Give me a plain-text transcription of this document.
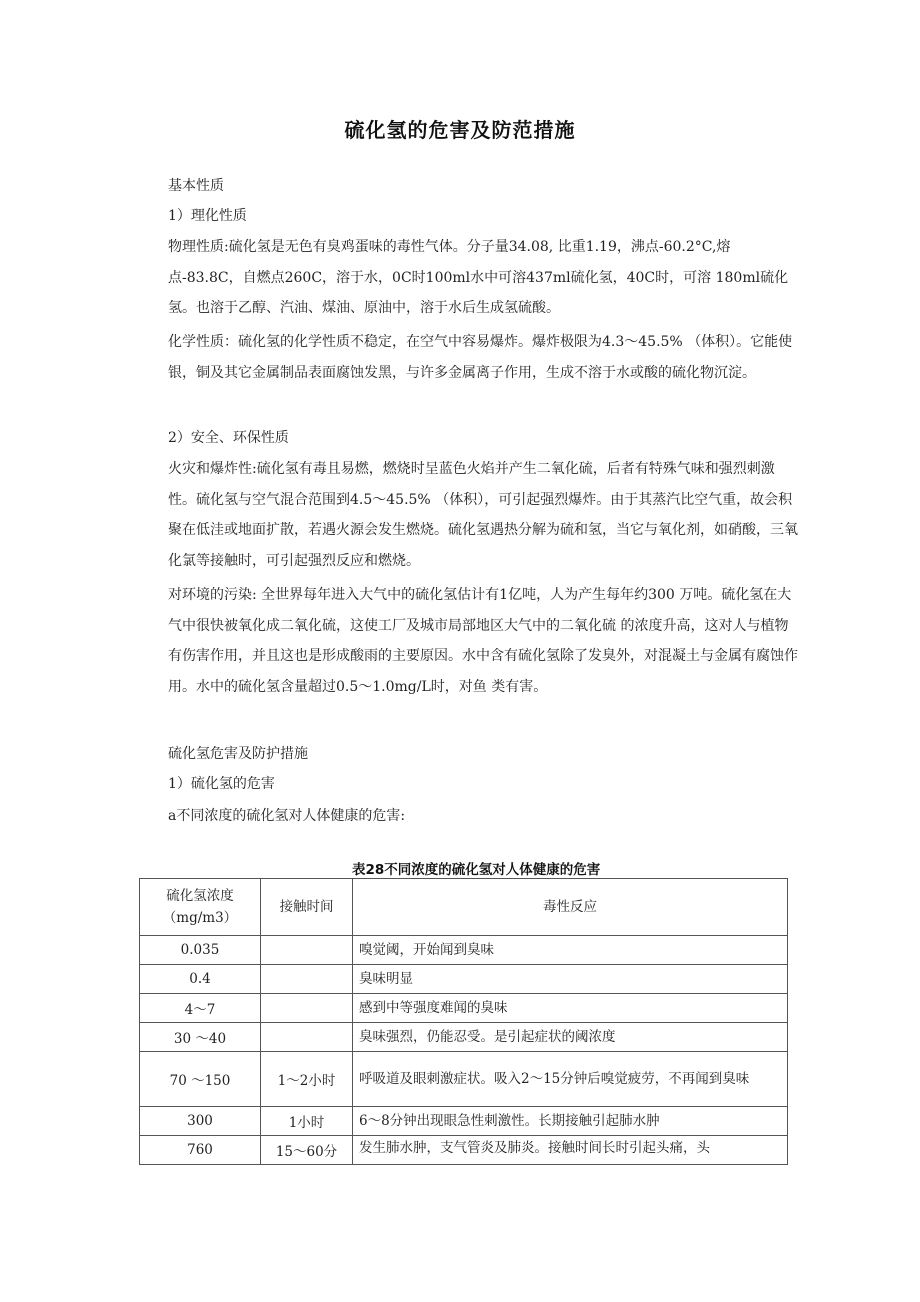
硫化氢的危害及防范措施
基本性质
1）理化性质
物理性质:硫化氢是无色有臭鸡蛋味的毒性气体。分子量34.08, 比重1.19，沸点-60.2°C,熔点-83.8C，自燃点260C，溶于水，0C时100ml水中可溶437ml硫化氢，40C时，可溶 180ml硫化氢。也溶于乙醇、汽油、煤油、原油中，溶于水后生成氢硫酸。
化学性质：硫化氢的化学性质不稳定，在空气中容易爆炸。爆炸极限为4.3～45.5% （体积）。它能使银，铜及其它金属制品表面腐蚀发黑，与许多金属离子作用，生成不溶于水或酸的硫化物沉淀。
2）安全、环保性质
火灾和爆炸性:硫化氢有毒且易燃，燃烧时呈蓝色火焰并产生二氧化硫，后者有特殊气味和强烈刺激性。硫化氢与空气混合范围到4.5～45.5% （体积），可引起强烈爆炸。由于其蒸汽比空气重，故会积聚在低洼或地面扩散，若遇火源会发生燃烧。硫化氢遇热分解为硫和氢，当它与氧化剂，如硝酸，三氧化氯等接触时，可引起强烈反应和燃烧。
对环境的污染: 全世界每年进入大气中的硫化氢估计有1亿吨，人为产生每年约300 万吨。硫化氢在大气中很快被氧化成二氧化硫，这使工厂及城市局部地区大气中的二氧化硫 的浓度升高，这对人与植物有伤害作用，并且这也是形成酸雨的主要原因。水中含有硫化氢除了发臭外，对混凝土与金属有腐蚀作用。水中的硫化氢含量超过0.5～1.0mg/L时，对鱼 类有害。
硫化氢危害及防护措施
1）硫化氢的危害
a不同浓度的硫化氢对人体健康的危害:
表28不同浓度的硫化氢对人体健康的危害
硫化氢浓度 （mg/m3）	接触时间	毒性反应
0.035		嗅觉阈，开始闻到臭味
0.4		臭味明显
4～7		感到中等强度难闻的臭味
30 ～40		臭味强烈，仍能忍受。是引起症状的阈浓度
70 ～150	1～2小时	呼吸道及眼刺激症状。吸入2～15分钟后嗅觉疲劳，不再闻到臭味
300	1小时	6～8分钟出现眼急性刺激性。长期接触引起肺水肿
760	15～60分	发生肺水肿，支气管炎及肺炎。接触时间长时引起头痛，头
